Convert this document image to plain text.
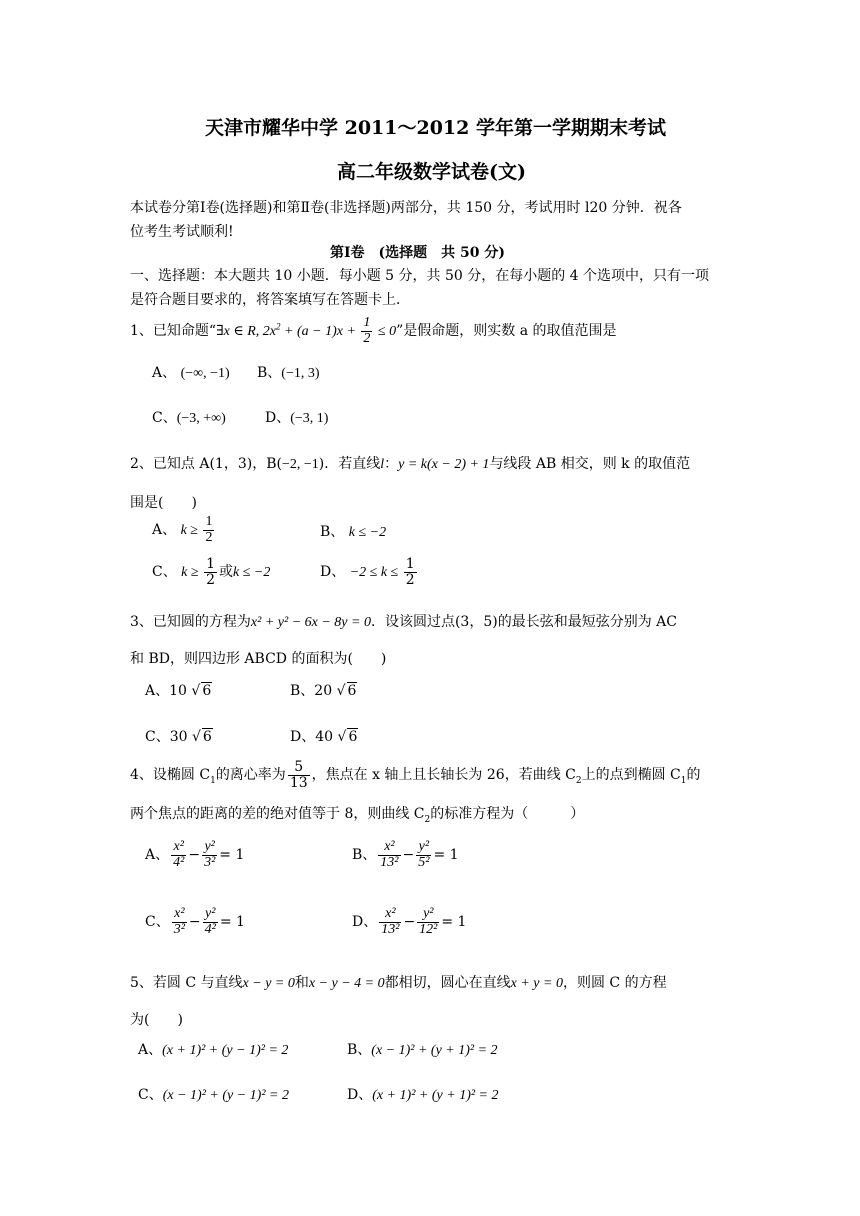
天津市耀华中学 2011～2012 学年第一学期期末考试
高二年级数学试卷(文)
本试卷分第Ⅰ卷(选择题)和第Ⅱ卷(非选择题)两部分，共 150 分，考试用时 l20 分钟．祝各
位考生考试顺利!
第Ⅰ卷　(选择题　共 50 分)
一、选择题：本大题共 10 小题．每小题 5 分，共 50 分，在每小题的 4 个选项中，只有一项
是符合题目要求的，将答案填写在答题卡上．
1、已知命题“∃x ∈ R, $2x^2 + (a - 1)x + \frac{1}{2} \le 0$”是假命题，则实数 a 的取值范围是
A、 (−∞, −1) B、(−1, 3)
C、(−3, +∞)	D、(−3, 1)
2、已知点 A(1，3)，B(−2, −1)．若直线l：y = k(x − 2) + 1与线段 AB 相交，则 k 的取值范
围是(　　)
A、 $k \ge \frac{1}{2}$	B、 k ≤ −2
C、 $k \ge \frac{1}{2}$ 或k ≤ −2	D、 $-2 \le k \le \frac{1}{2}$
3、已知圆的方程为x² + y² − 6x − 8y = 0．设该圆过点(3，5)的最长弦和最短弦分别为 AC
和 BD，则四边形 ABCD 的面积为(　　)
A、10 √ 6	B、20 √ 6
C、30 √ 6	D、40 √ 6
4、设椭圆 $C_1$的离心率为 $\frac{5}{13}$ ，焦点在 x 轴上且长轴长为 26，若曲线 $C_2$上的点到椭圆 $C_1$的
两个焦点的距离的差的绝对值等于 8，则曲线 $C_2$的标准方程为（　　　）
A、 $\frac{\text{x²}}{\text{4²}} - \frac{\text{y²}}{\text{3²}} = 1$	B、 $\frac{\text{x²}}{\text{13²}} - \frac{\text{y²}}{\text{5²}} = 1$
C、 $\frac{\text{x²}}{\text{3²}} - \frac{\text{y²}}{\text{4²}} = 1$	D、 $\frac{\text{x²}}{\text{13²}} - \frac{\text{y²}}{\text{12²}} = 1$
5、若圆 C 与直线x − y = 0和x − y − 4 = 0都相切，圆心在直线x + y = 0，则圆 C 的方程
为(　　)
A、(x + 1)² + (y − 1)² = 2	B、(x − 1)² + (y + 1)² = 2
C、(x − 1)² + (y − 1)² = 2	D、(x + 1)² + (y + 1)² = 2
